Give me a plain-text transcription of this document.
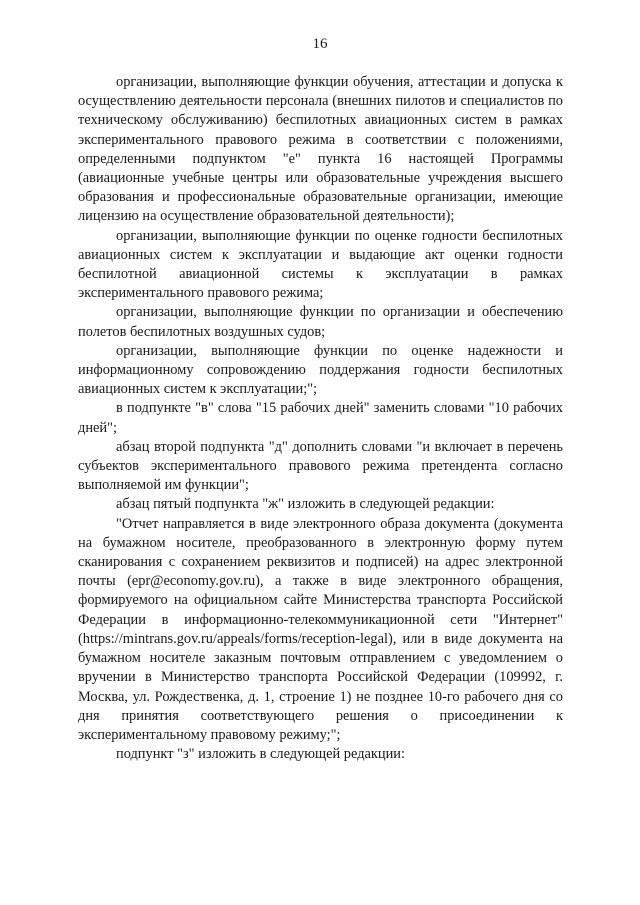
16

организации, выполняющие функции обучения, аттестации и допуска к осуществлению деятельности персонала (внешних пилотов и специалистов по техническому обслуживанию) беспилотных авиационных систем в рамках экспериментального правового режима в соответствии с положениями, определенными подпунктом "е" пункта 16 настоящей Программы (авиационные учебные центры или образовательные учреждения высшего образования и профессиональные образовательные организации, имеющие лицензию на осуществление образовательной деятельности);

организации, выполняющие функции по оценке годности беспилотных авиационных систем к эксплуатации и выдающие акт оценки годности беспилотной авиационной системы к эксплуатации в рамках экспериментального правового режима;

организации, выполняющие функции по организации и обеспечению полетов беспилотных воздушных судов;

организации, выполняющие функции по оценке надежности и информационному сопровождению поддержания годности беспилотных авиационных систем к эксплуатации;";

в подпункте "в" слова "15 рабочих дней" заменить словами "10 рабочих дней";

абзац второй подпункта "д" дополнить словами "и включает в перечень субъектов экспериментального правового режима претендента согласно выполняемой им функции";

абзац пятый подпункта "ж" изложить в следующей редакции:

"Отчет направляется в виде электронного образа документа (документа на бумажном носителе, преобразованного в электронную форму путем сканирования с сохранением реквизитов и подписей) на адрес электронной почты (epr@economy.gov.ru), а также в виде электронного обращения, формируемого на официальном сайте Министерства транспорта Российской Федерации в информационно-телекоммуникационной сети "Интернет" (https://mintrans.gov.ru/appeals/forms/reception-legal), или в виде документа на бумажном носителе заказным почтовым отправлением с уведомлением о вручении в Министерство транспорта Российской Федерации (109992, г. Москва, ул. Рождественка, д. 1, строение 1) не позднее 10-го рабочего дня со дня принятия соответствующего решения о присоединении к экспериментальному правовому режиму;";

подпункт "з" изложить в следующей редакции:
